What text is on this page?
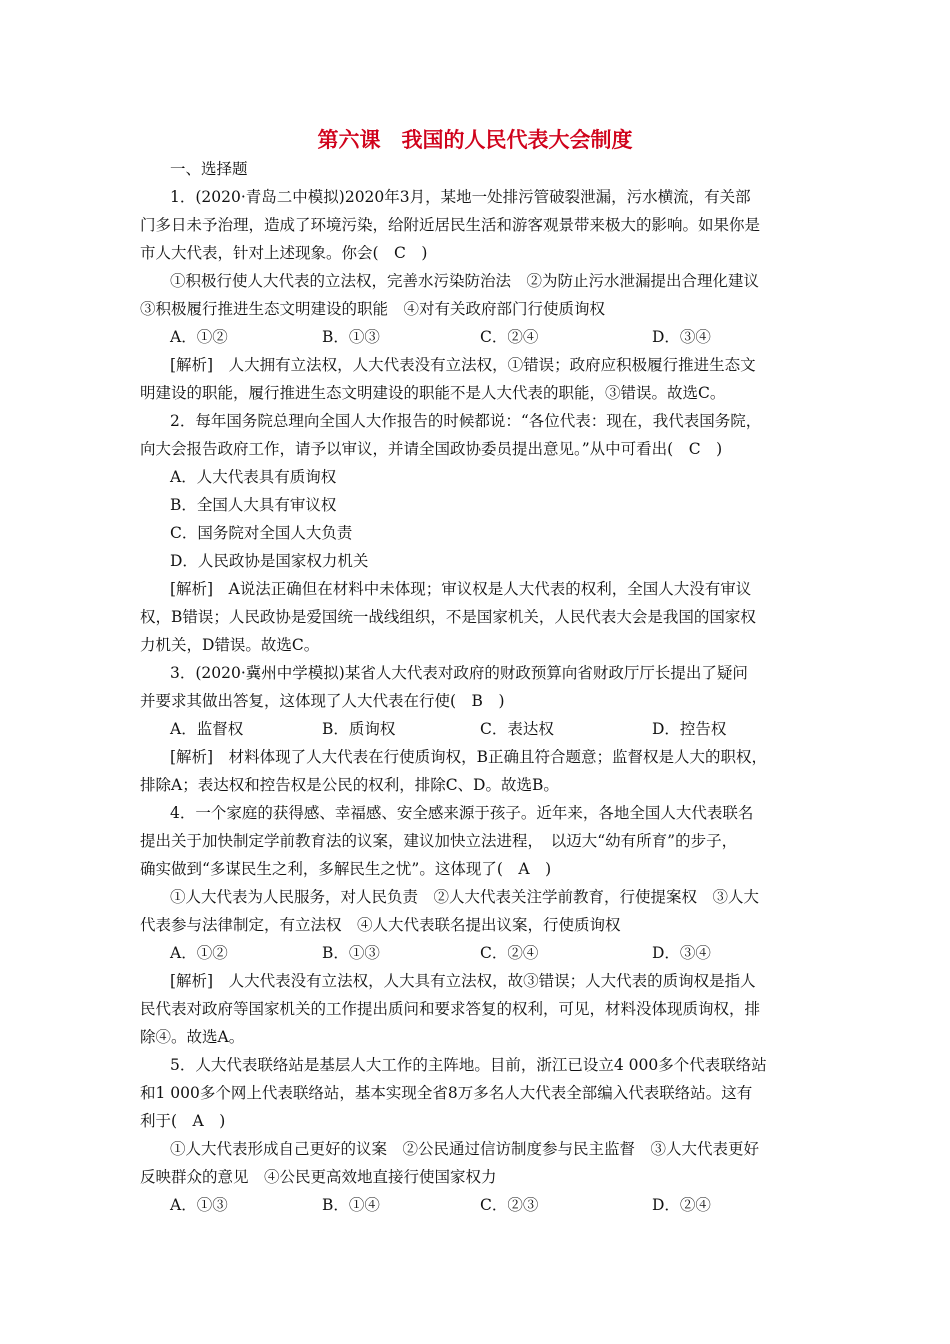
第六课　我国的人民代表大会制度
一、选择题
1．(2020·青岛二中模拟)2020年3月，某地一处排污管破裂泄漏，污水横流，有关部
门多日未予治理，造成了环境污染，给附近居民生活和游客观景带来极大的影响。如果你是
市人大代表，针对上述现象。你会(　C　)
①积极行使人大代表的立法权，完善水污染防治法　②为防止污水泄漏提出合理化建议
③积极履行推进生态文明建设的职能　④对有关政府部门行使质询权
A．①②	B．①③	C．②④	D．③④
[解析]　人大拥有立法权，人大代表没有立法权，①错误；政府应积极履行推进生态文
明建设的职能，履行推进生态文明建设的职能不是人大代表的职能，③错误。故选C。
2．每年国务院总理向全国人大作报告的时候都说：“各位代表：现在，我代表国务院，
向大会报告政府工作，请予以审议，并请全国政协委员提出意见。”从中可看出(　C　)
A．人大代表具有质询权
B．全国人大具有审议权
C．国务院对全国人大负责
D．人民政协是国家权力机关
[解析]　A说法正确但在材料中未体现；审议权是人大代表的权利，全国人大没有审议
权，B错误；人民政协是爱国统一战线组织，不是国家机关，人民代表大会是我国的国家权
力机关，D错误。故选C。
3．(2020·冀州中学模拟)某省人大代表对政府的财政预算向省财政厅厅长提出了疑问
并要求其做出答复，这体现了人大代表在行使(　B　)
A．监督权	B．质询权	C．表达权	D．控告权
[解析]　材料体现了人大代表在行使质询权，B正确且符合题意；监督权是人大的职权，
排除A；表达权和控告权是公民的权利，排除C、D。故选B。
4．一个家庭的获得感、幸福感、安全感来源于孩子。近年来，各地全国人大代表联名
提出关于加快制定学前教育法的议案，建议加快立法进程，　以迈大“幼有所育”的步子，
确实做到“多谋民生之利，多解民生之忧”。这体现了(　A　)
①人大代表为人民服务，对人民负责　②人大代表关注学前教育，行使提案权　③人大
代表参与法律制定，有立法权　④人大代表联名提出议案，行使质询权
A．①②	B．①③	C．②④	D．③④
[解析]　人大代表没有立法权，人大具有立法权，故③错误；人大代表的质询权是指人
民代表对政府等国家机关的工作提出质问和要求答复的权利，可见，材料没体现质询权，排
除④。故选A。
5．人大代表联络站是基层人大工作的主阵地。目前，浙江已设立4 000多个代表联络站
和1 000多个网上代表联络站，基本实现全省8万多名人大代表全部编入代表联络站。这有
利于(　A　)
①人大代表形成自己更好的议案　②公民通过信访制度参与民主监督　③人大代表更好
反映群众的意见　④公民更高效地直接行使国家权力
A．①③	B．①④	C．②③	D．②④
